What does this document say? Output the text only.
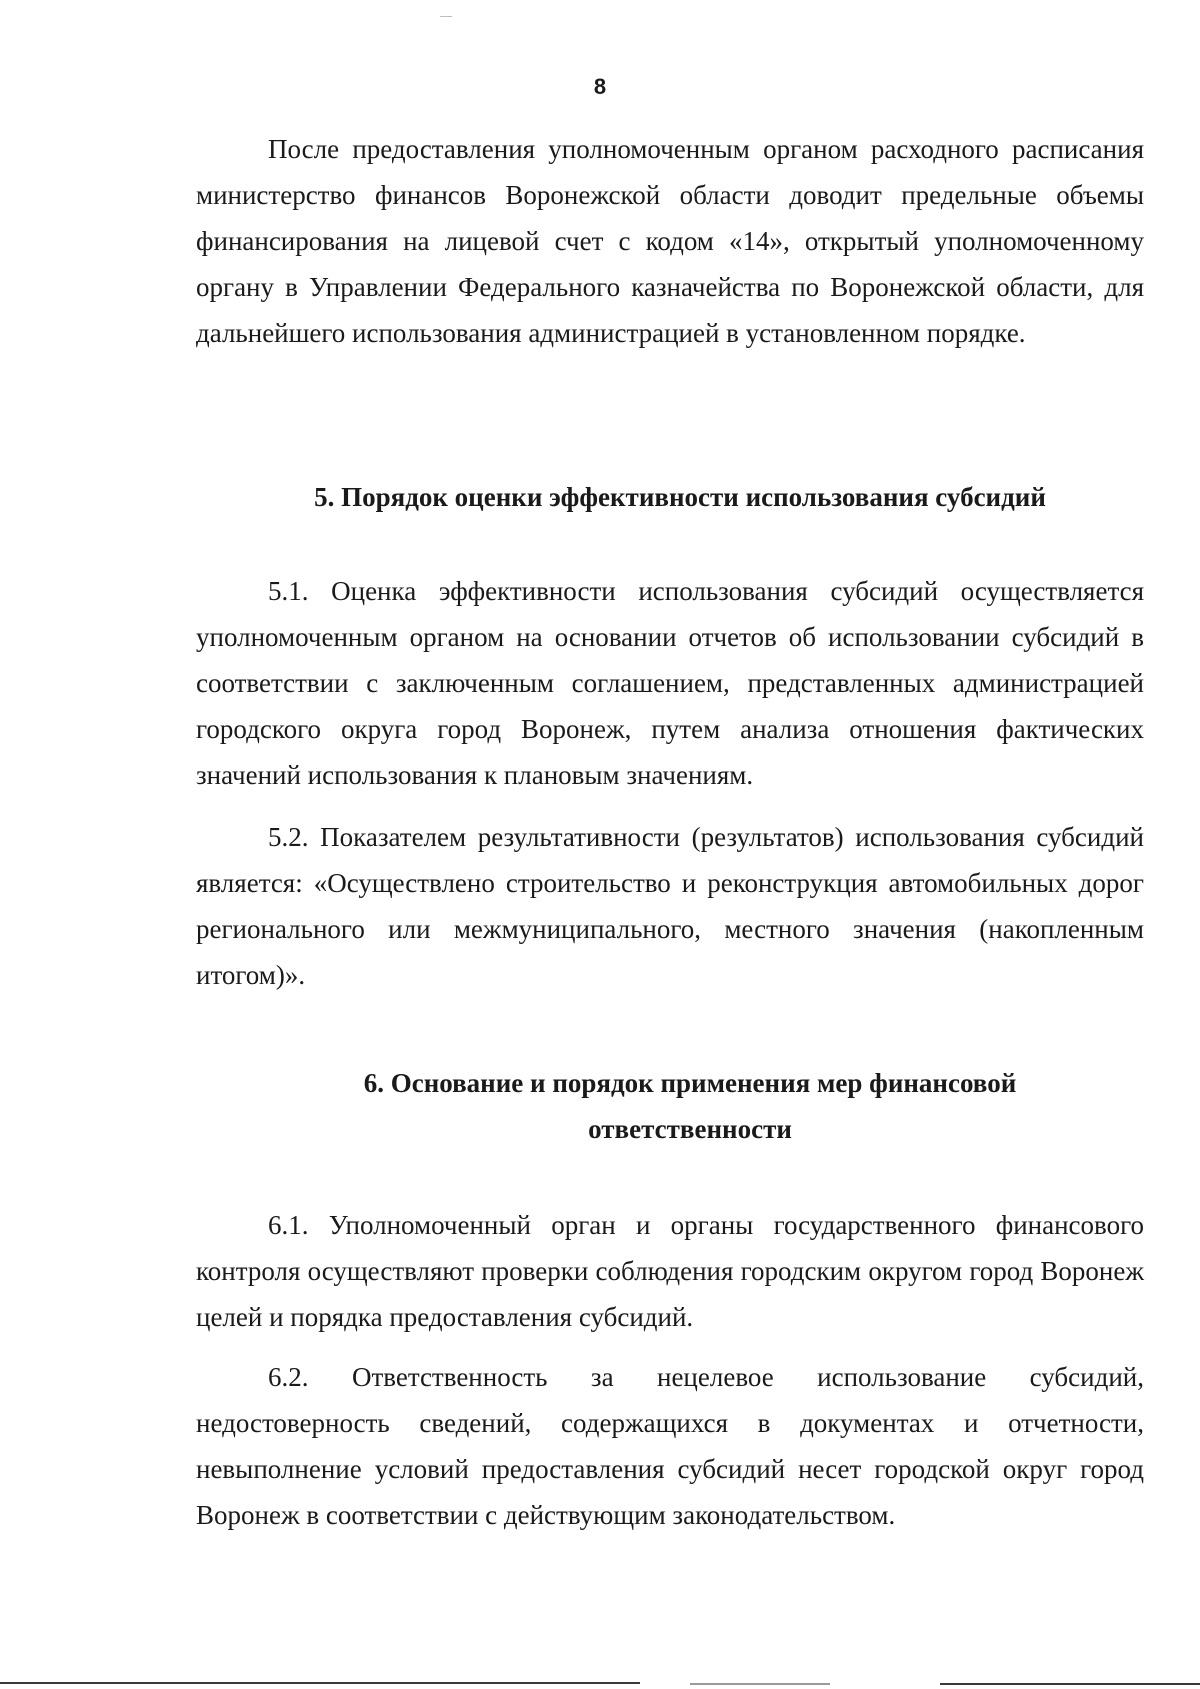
8

После предоставления уполномоченным органом расходного расписания министерство финансов Воронежской области доводит предельные объемы финансирования на лицевой счет с кодом «14», открытый уполномоченному органу в Управлении Федерального казначейства по Воронежской области, для дальнейшего использования администрацией в установленном порядке.

5. Порядок оценки эффективности использования субсидий

5.1. Оценка эффективности использования субсидий осуществляется уполномоченным органом на основании отчетов об использовании субсидий в соответствии с заключенным соглашением, представленных администрацией городского округа город Воронеж, путем анализа отношения фактических значений использования к плановым значениям.

5.2. Показателем результативности (результатов) использования субсидий является: «Осуществлено строительство и реконструкция автомобильных дорог регионального или межмуниципального, местного значения (накопленным итогом)».

6. Основание и порядок применения мер финансовой
ответственности

6.1. Уполномоченный орган и органы государственного финансового контроля осуществляют проверки соблюдения городским округом город Воронеж целей и порядка предоставления субсидий.

6.2. Ответственность за нецелевое использование субсидий, недостоверность сведений, содержащихся в документах и отчетности, невыполнение условий предоставления субсидий несет городской округ город Воронеж в соответствии с действующим законодательством.
